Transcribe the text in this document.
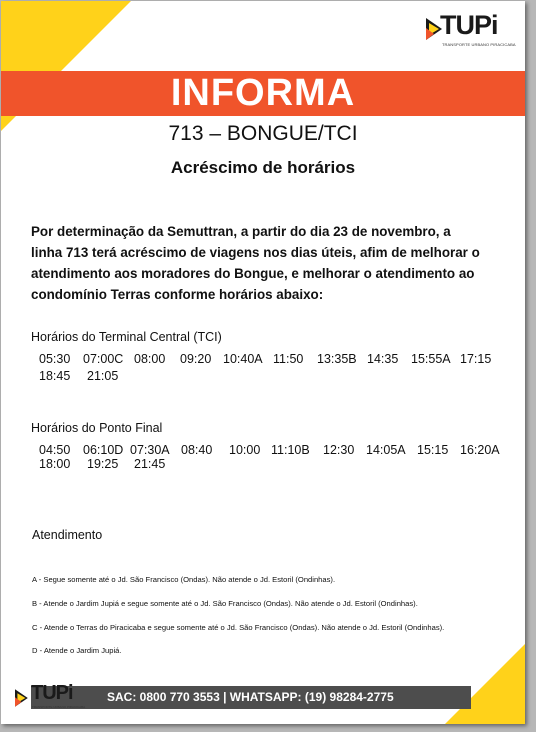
TUPi
TRANSPORTE URBANO PIRACICABA
INFORMA
713 – BONGUE/TCI
Acréscimo de horários
Por determinação da Semuttran, a partir do dia 23 de novembro, a
linha 713 terá acréscimo de viagens nos dias úteis, afim de melhorar o
atendimento aos moradores do Bongue, e melhorar o atendimento ao
condomínio Terras conforme horários abaixo:
Horários do Terminal Central (TCI)
05:30 07:00C 08:00 09:20 10:40A 11:50 13:35B 14:35 15:55A 17:15
18:45 21:05
Horários do Ponto Final
04:50 06:10D 07:30A 08:40 10:00 11:10B 12:30 14:05A 15:15 16:20A
18:00 19:25 21:45
Atendimento
A - Segue somente até o Jd. São Francisco (Ondas). Não atende o Jd. Estoril (Ondinhas).
B - Atende o Jardim Jupiá e segue somente até o Jd. São Francisco (Ondas). Não atende o Jd. Estoril (Ondinhas).
C - Atende o Terras do Piracicaba e segue somente até o Jd. São Francisco (Ondas). Não atende o Jd. Estoril (Ondinhas).
D - Atende o Jardim Jupiá.
TUPi
TRANSPORTE URBANO PIRACICABA
SAC: 0800 770 3553 | WHATSAPP: (19) 98284-2775
